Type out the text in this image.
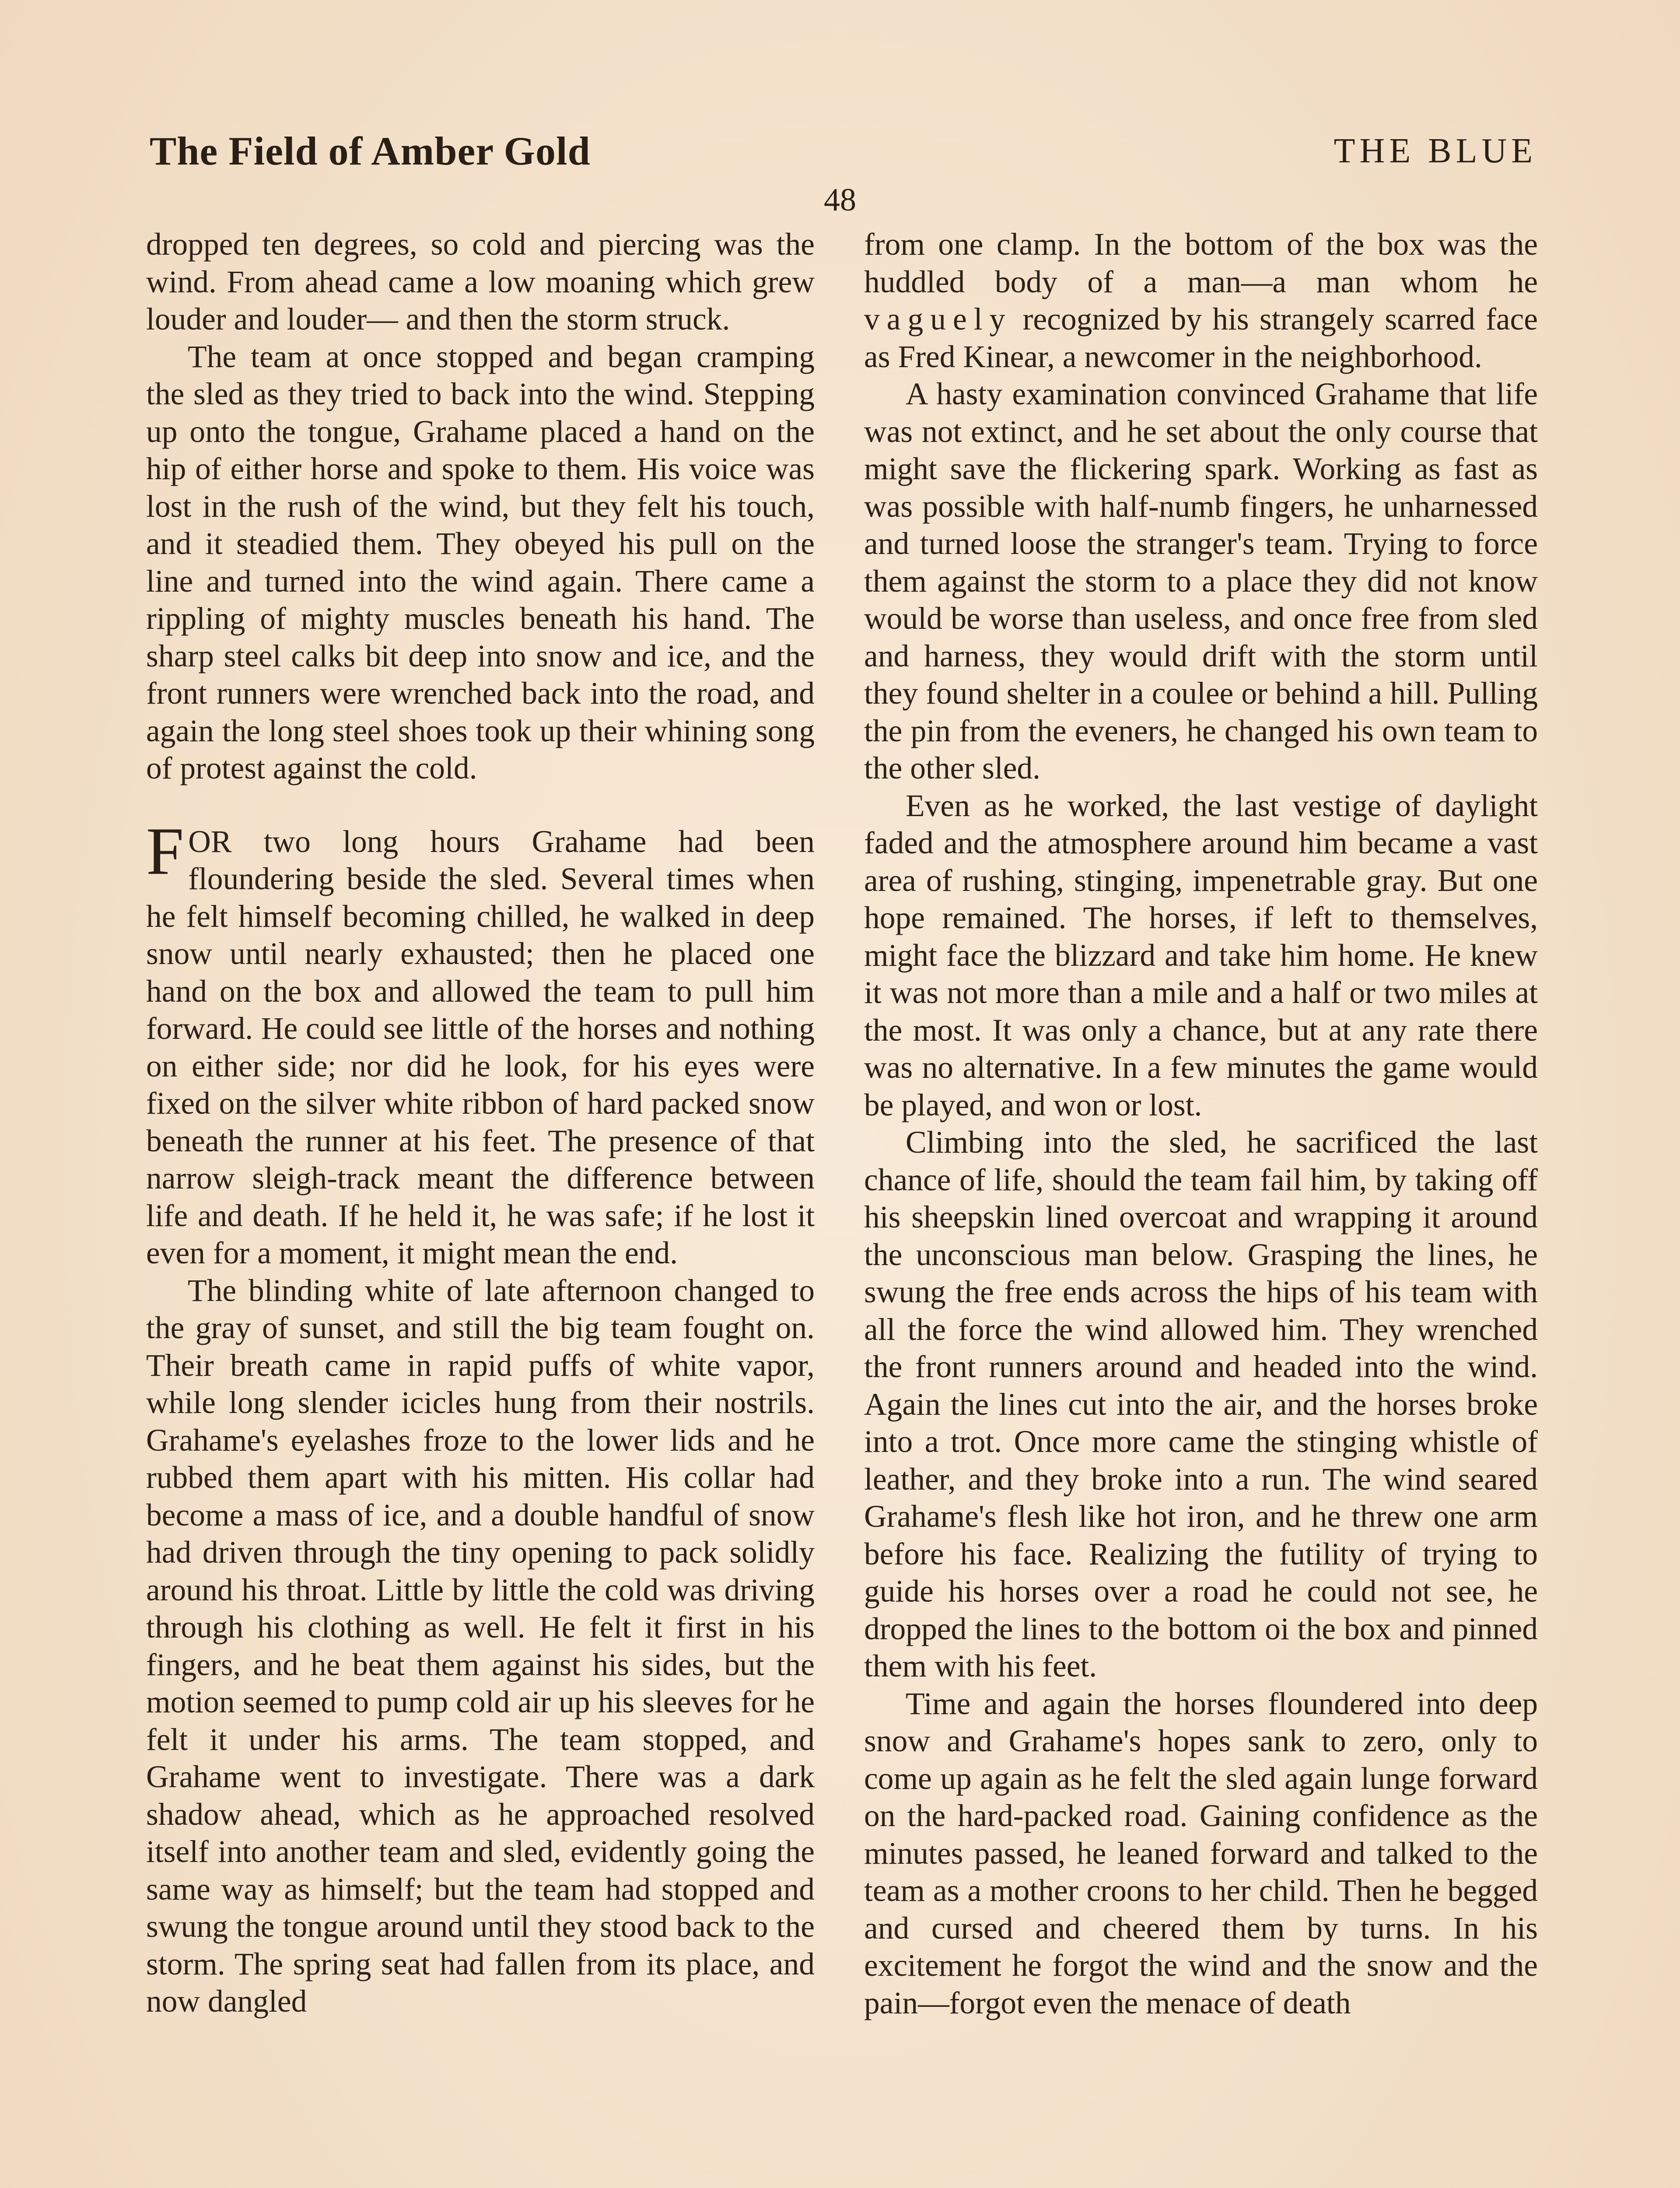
The Field of Amber Gold	THE BLUE
48

dropped ten degrees, so cold and piercing was the wind. From ahead came a low moaning which grew louder and louder— and then the storm struck.

The team at once stopped and began cramping the sled as they tried to back into the wind. Stepping up onto the tongue, Grahame placed a hand on the hip of either horse and spoke to them. His voice was lost in the rush of the wind, but they felt his touch, and it steadied them. They obeyed his pull on the line and turned into the wind again. There came a rippling of mighty muscles beneath his hand. The sharp steel calks bit deep into snow and ice, and the front runners were wrenched back into the road, and again the long steel shoes took up their whining song of protest against the cold.

FOR two long hours Grahame had been floundering beside the sled. Several times when he felt himself becoming chilled, he walked in deep snow until nearly exhausted; then he placed one hand on the box and allowed the team to pull him forward. He could see little of the horses and nothing on either side; nor did he look, for his eyes were fixed on the silver white ribbon of hard packed snow beneath the runner at his feet. The presence of that narrow sleigh-track meant the difference between life and death. If he held it, he was safe; if he lost it even for a moment, it might mean the end.

The blinding white of late afternoon changed to the gray of sunset, and still the big team fought on. Their breath came in rapid puffs of white vapor, while long slender icicles hung from their nostrils. Grahame's eyelashes froze to the lower lids and he rubbed them apart with his mitten. His collar had become a mass of ice, and a double handful of snow had driven through the tiny opening to pack solidly around his throat. Little by little the cold was driving through his clothing as well. He felt it first in his fingers, and he beat them against his sides, but the motion seemed to pump cold air up his sleeves for he felt it under his arms. The team stopped, and Grahame went to investigate. There was a dark shadow ahead, which as he approached resolved itself into another team and sled, evidently going the same way as himself; but the team had stopped and swung the tongue around until they stood back to the storm. The spring seat had fallen from its place, and now dangled

from one clamp. In the bottom of the box was the huddled body of a man—a man whom he vaguely recognized by his strangely scarred face as Fred Kinear, a newcomer in the neighborhood.

A hasty examination convinced Grahame that life was not extinct, and he set about the only course that might save the flickering spark. Working as fast as was possible with half-numb fingers, he unharnessed and turned loose the stranger's team. Trying to force them against the storm to a place they did not know would be worse than useless, and once free from sled and harness, they would drift with the storm until they found shelter in a coulee or behind a hill. Pulling the pin from the eveners, he changed his own team to the other sled.

Even as he worked, the last vestige of daylight faded and the atmosphere around him became a vast area of rushing, stinging, impenetrable gray. But one hope remained. The horses, if left to themselves, might face the blizzard and take him home. He knew it was not more than a mile and a half or two miles at the most. It was only a chance, but at any rate there was no alternative. In a few minutes the game would be played, and won or lost.

Climbing into the sled, he sacrificed the last chance of life, should the team fail him, by taking off his sheepskin lined overcoat and wrapping it around the unconscious man below. Grasping the lines, he swung the free ends across the hips of his team with all the force the wind allowed him. They wrenched the front runners around and headed into the wind. Again the lines cut into the air, and the horses broke into a trot. Once more came the stinging whistle of leather, and they broke into a run. The wind seared Grahame's flesh like hot iron, and he threw one arm before his face. Realizing the futility of trying to guide his horses over a road he could not see, he dropped the lines to the bottom oi the box and pinned them with his feet.

Time and again the horses floundered into deep snow and Grahame's hopes sank to zero, only to come up again as he felt the sled again lunge forward on the hard-packed road. Gaining confidence as the minutes passed, he leaned forward and talked to the team as a mother croons to her child. Then he begged and cursed and cheered them by turns. In his excitement he forgot the wind and the snow and the pain—forgot even the menace of death
